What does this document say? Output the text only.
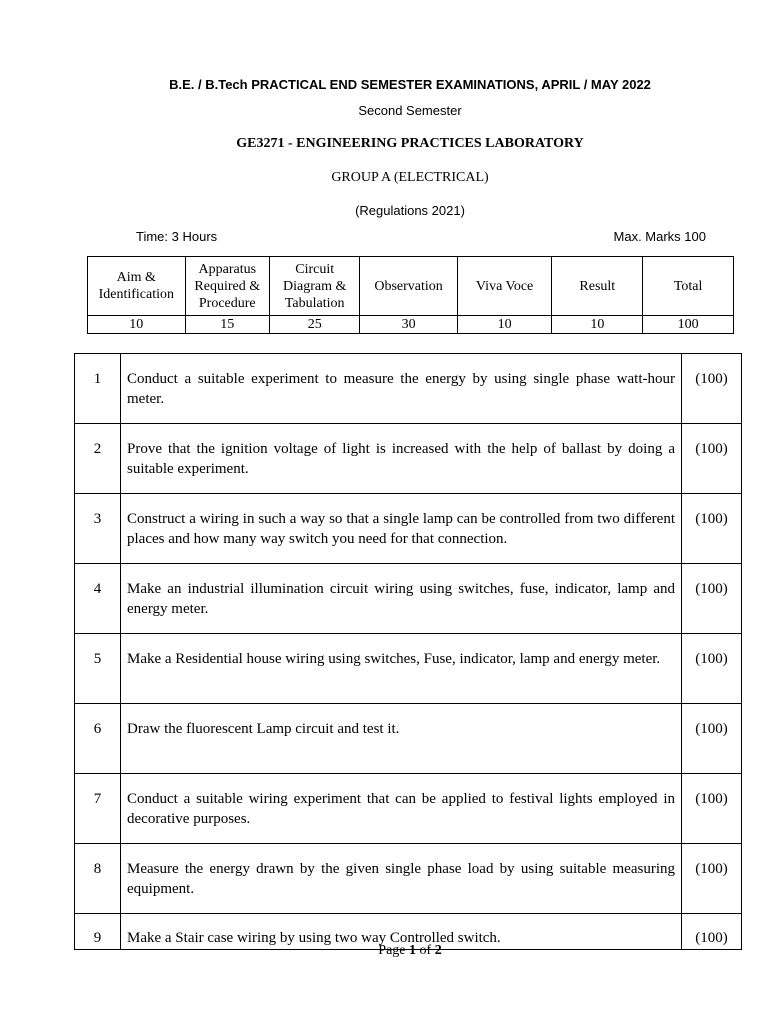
B.E. / B.Tech PRACTICAL END SEMESTER EXAMINATIONS, APRIL / MAY 2022
Second Semester
GE3271 - ENGINEERING PRACTICES LABORATORY
GROUP A (ELECTRICAL)
(Regulations 2021)
Time: 3 Hours	Max. Marks 100
Aim & Identification	Apparatus Required & Procedure	Circuit Diagram & Tabulation	Observation	Viva Voce	Result	Total
10	15	25	30	10	10	100
1	Conduct a suitable experiment to measure the energy by using single phase watt-hour meter.	(100)
2	Prove that the ignition voltage of light is increased with the help of ballast by doing a suitable experiment.	(100)
3	Construct a wiring in such a way so that a single lamp can be controlled from two different places and how many way switch you need for that connection.	(100)
4	Make an industrial illumination circuit wiring using switches, fuse, indicator, lamp and energy meter.	(100)
5	Make a Residential house wiring using switches, Fuse, indicator, lamp and energy meter.	(100)
6	Draw the fluorescent Lamp circuit and test it.	(100)
7	Conduct a suitable wiring experiment that can be applied to festival lights employed in decorative purposes.	(100)
8	Measure the energy drawn by the given single phase load by using suitable measuring equipment.	(100)
9	Make a Stair case wiring by using two way Controlled switch.	(100)
Page 1 of 2
